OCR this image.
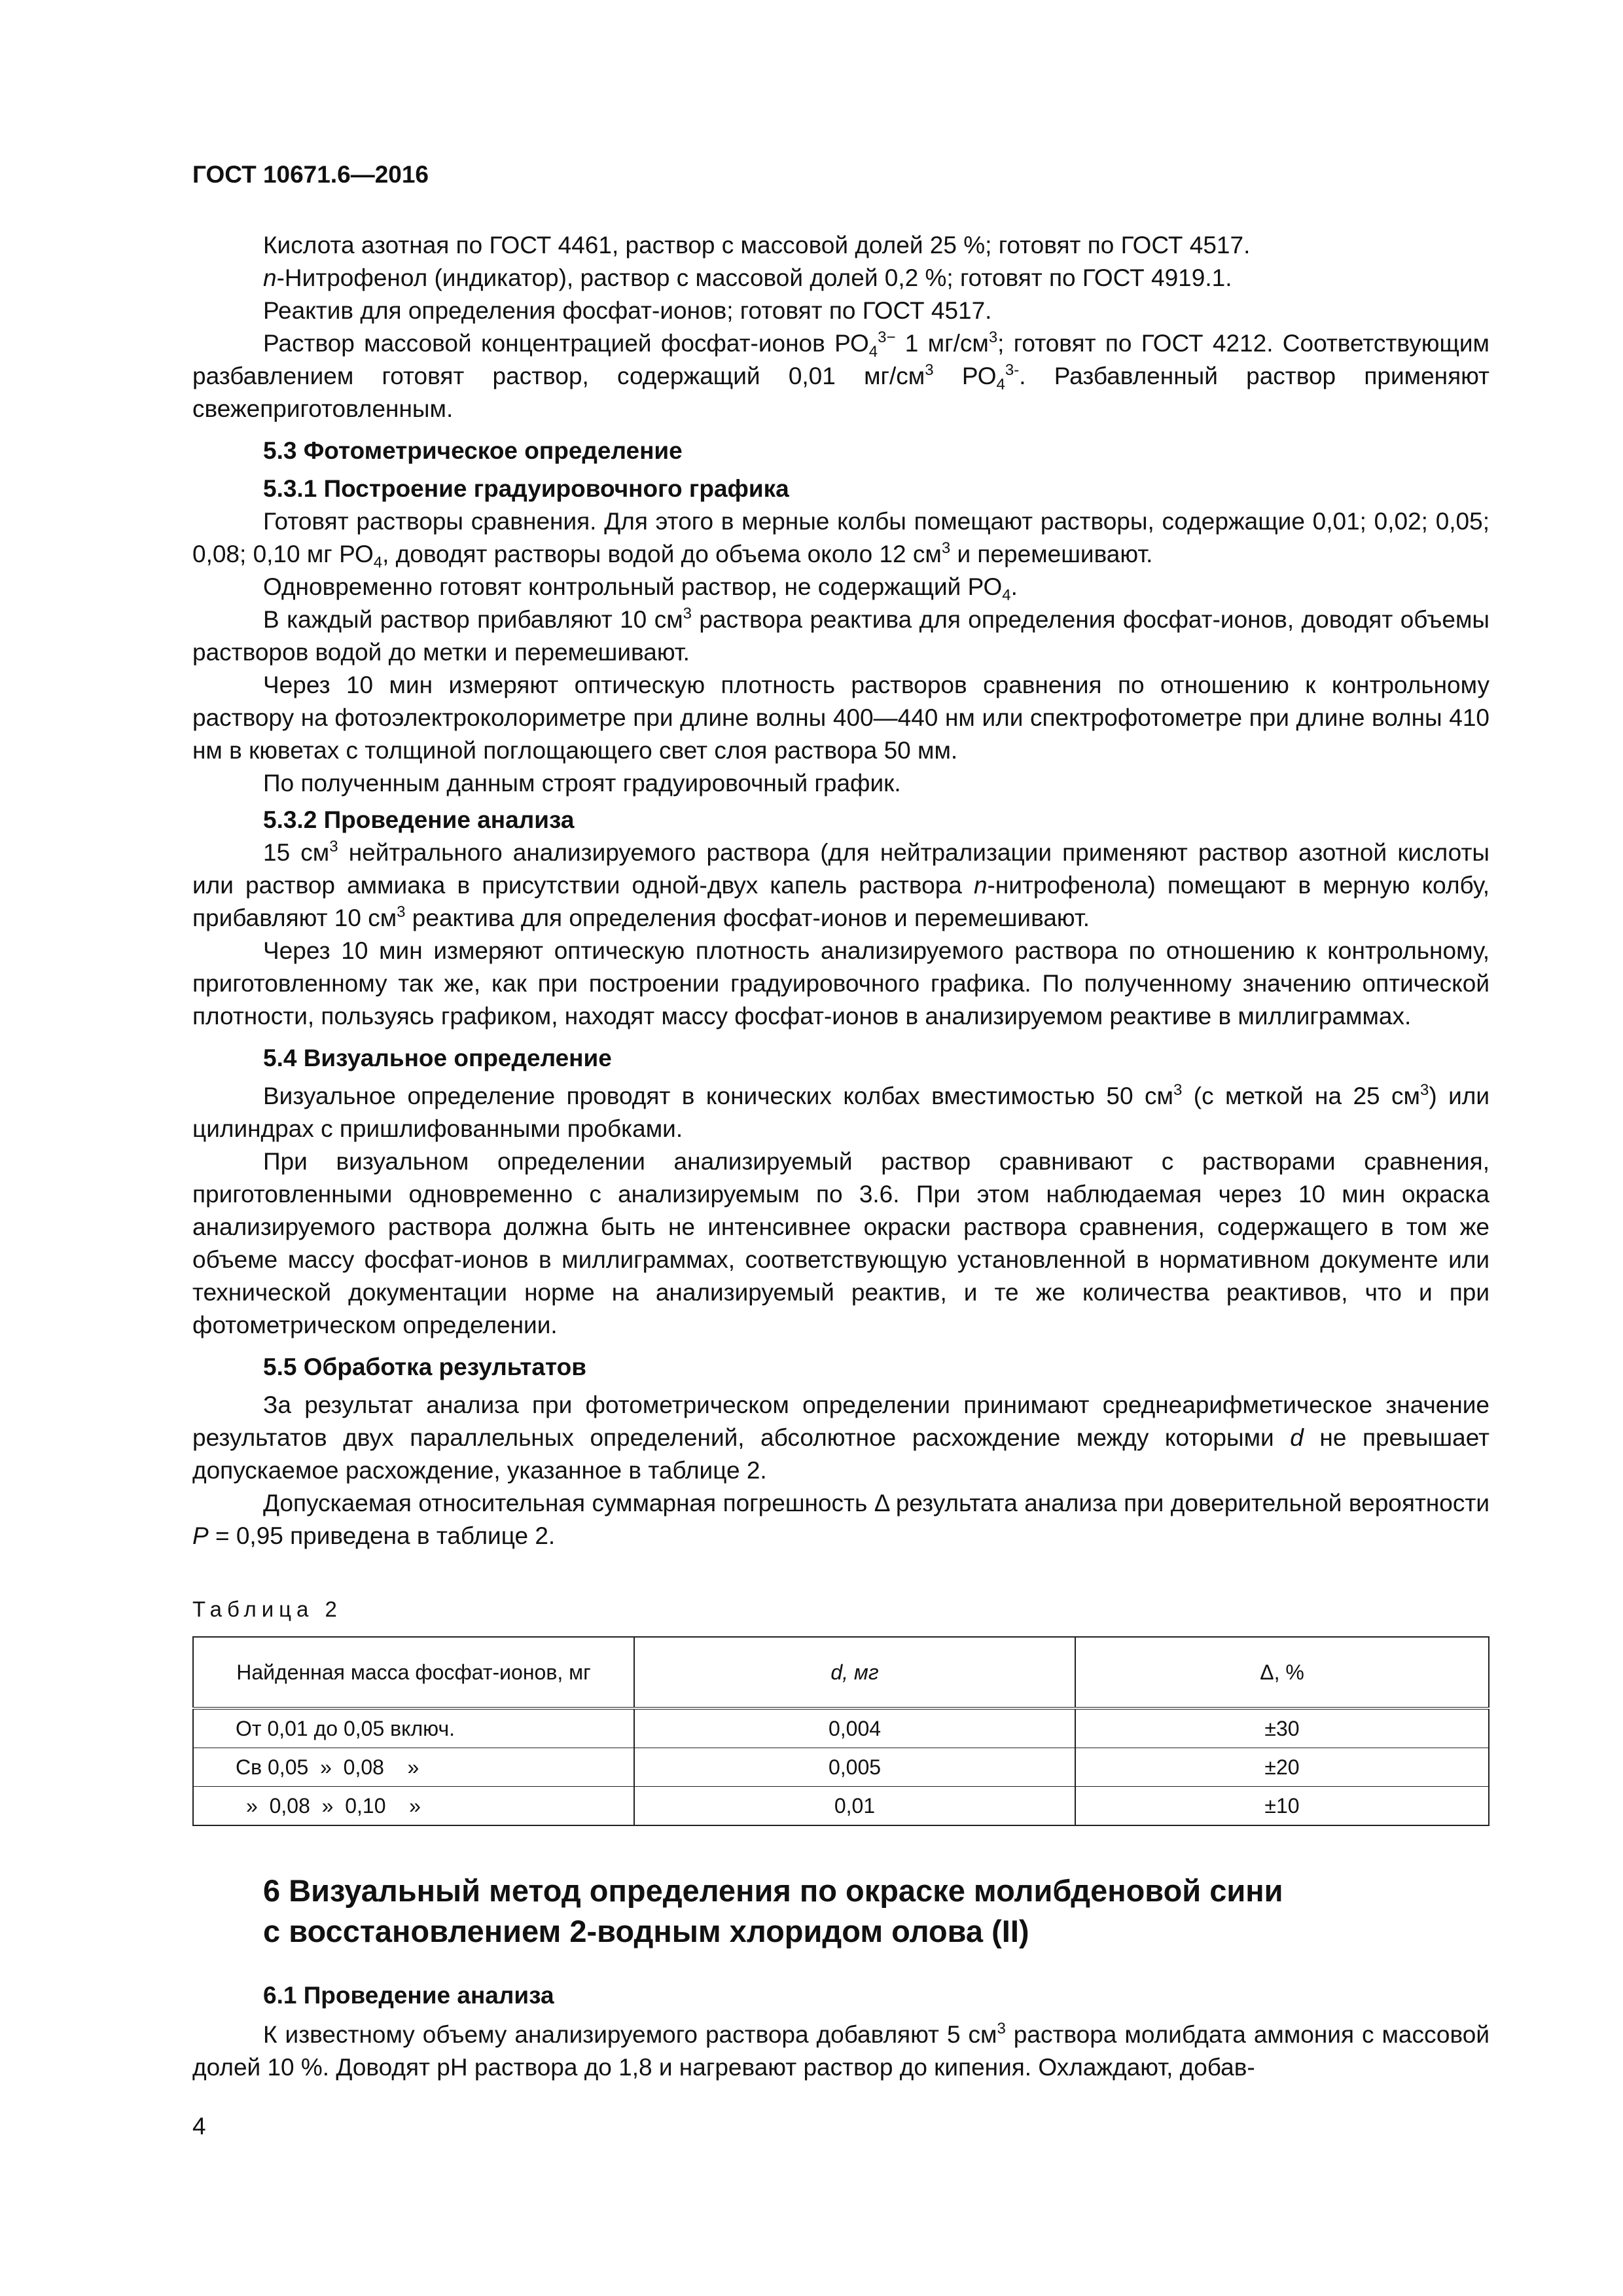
ГОСТ 10671.6—2016

Кислота азотная по ГОСТ 4461, раствор с массовой долей 25 %; готовят по ГОСТ 4517.

n-Нитрофенол (индикатор), раствор с массовой долей 0,2 %; готовят по ГОСТ 4919.1.

Реактив для определения фосфат-ионов; готовят по ГОСТ 4517.

Раствор массовой концентрацией фосфат-ионов $РО_4^{3-}$ 1 $мг/см^3$; готовят по ГОСТ 4212. Соответствующим разбавлением готовят раствор, содержащий 0,01 $мг/см^3$ $РО_4^{3-}$. Разбавленный раствор применяют свежеприготовленным.

5.3 Фотометрическое определение
5.3.1 Построение градуировочного графика

Готовят растворы сравнения. Для этого в мерные колбы помещают растворы, содержащие 0,01; 0,02; 0,05; 0,08; 0,10 мг $РО_4$, доводят растворы водой до объема около 12 $см^3$ и перемешивают.

Одновременно готовят контрольный раствор, не содержащий $РО_4$.

В каждый раствор прибавляют 10 $см^3$ раствора реактива для определения фосфат-ионов, доводят объемы растворов водой до метки и перемешивают.

Через 10 мин измеряют оптическую плотность растворов сравнения по отношению к контрольному раствору на фотоэлектроколориметре при длине волны 400—440 нм или спектрофотометре при длине волны 410 нм в кюветах с толщиной поглощающего свет слоя раствора 50 мм.

По полученным данным строят градуировочный график.

5.3.2 Проведение анализа

15 $см^3$ нейтрального анализируемого раствора (для нейтрализации применяют раствор азотной кислоты или раствор аммиака в присутствии одной-двух капель раствора n-нитрофенола) помещают в мерную колбу, прибавляют 10 $см^3$ реактива для определения фосфат-ионов и перемешивают.

Через 10 мин измеряют оптическую плотность анализируемого раствора по отношению к контрольному, приготовленному так же, как при построении градуировочного графика. По полученному значению оптической плотности, пользуясь графиком, находят массу фосфат-ионов в анализируемом реактиве в миллиграммах.

5.4 Визуальное определение

Визуальное определение проводят в конических колбах вместимостью 50 $см^3$ (с меткой на 25 $см^3$) или цилиндрах с пришлифованными пробками.

При визуальном определении анализируемый раствор сравнивают с растворами сравнения, приготовленными одновременно с анализируемым по 3.6. При этом наблюдаемая через 10 мин окраска анализируемого раствора должна быть не интенсивнее окраски раствора сравнения, содержащего в том же объеме массу фосфат-ионов в миллиграммах, соответствующую установленной в нормативном документе или технической документации норме на анализируемый реактив, и те же количества реактивов, что и при фотометрическом определении.

5.5 Обработка результатов

За результат анализа при фотометрическом определении принимают среднеарифметическое значение результатов двух параллельных определений, абсолютное расхождение между которыми d не превышает допускаемое расхождение, указанное в таблице 2.

Допускаемая относительная суммарная погрешность Δ результата анализа при доверительной вероятности Р = 0,95 приведена в таблице 2.

Таблица 2
Найденная масса фосфат-ионов, мг	d, мг	Δ, %
От 0,01 до 0,05 включ.	0,004	±30
Св 0,05  »  0,08    »	0,005	±20
»  0,08  »  0,10    »	0,01	±10
6 Визуальный метод определения по окраске молибденовой сини
с восстановлением 2-водным хлоридом олова (II)
6.1 Проведение анализа

К известному объему анализируемого раствора добавляют 5 $см^3$ раствора молибдата аммония с массовой долей 10 %. Доводят рН раствора до 1,8 и нагревают раствор до кипения. Охлаждают, добав-

4
